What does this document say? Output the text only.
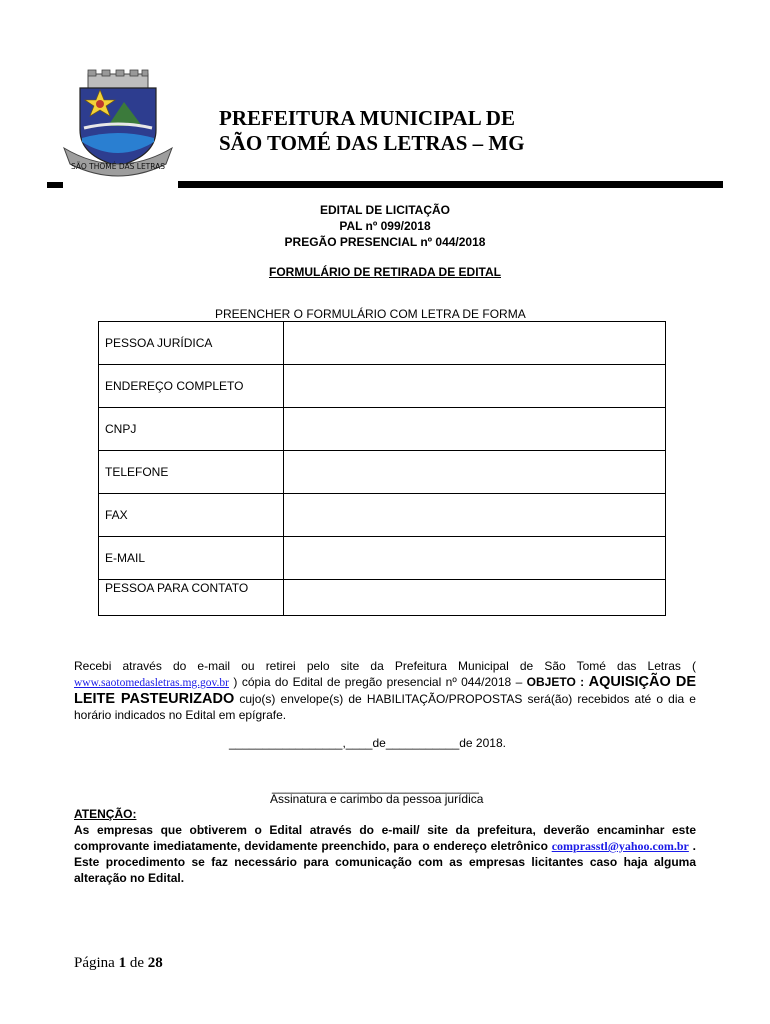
SÃO THOMÉ DAS LETRAS
PREFEITURA MUNICIPAL DE
SÃO TOMÉ DAS LETRAS – MG
EDITAL DE LICITAÇÃO
PAL nº 099/2018
PREGÃO PRESENCIAL nº 044/2018
FORMULÁRIO DE RETIRADA DE EDITAL
PREENCHER O FORMULÁRIO COM LETRA DE FORMA
PESSOA JURÍDICA	
ENDEREÇO COMPLETO	
CNPJ	
TELEFONE	
FAX	
E-MAIL	
PESSOA PARA CONTATO	
Recebi através do e-mail ou retirei pelo site da Prefeitura Municipal de São Tomé das Letras ( www.saotomedasletras.mg.gov.br ) cópia do Edital de pregão presencial nº 044/2018 – OBJETO : AQUISIÇÃO DE LEITE PASTEURIZADO cujo(s) envelope(s) de HABILITAÇÃO/PROPOSTAS será(ão) recebidos até o dia e horário indicados no Edital em epígrafe.
_________________,____de___________de 2018.
_______________________________
Assinatura e carimbo da pessoa jurídica
ATENÇÃO:
As empresas que obtiverem o Edital através do e-mail/ site da prefeitura, deverão encaminhar este comprovante imediatamente, devidamente preenchido, para o endereço eletrônico comprasstl@yahoo.com.br . Este procedimento se faz necessário para comunicação com as empresas licitantes caso haja alguma alteração no Edital.
Página 1 de 28
